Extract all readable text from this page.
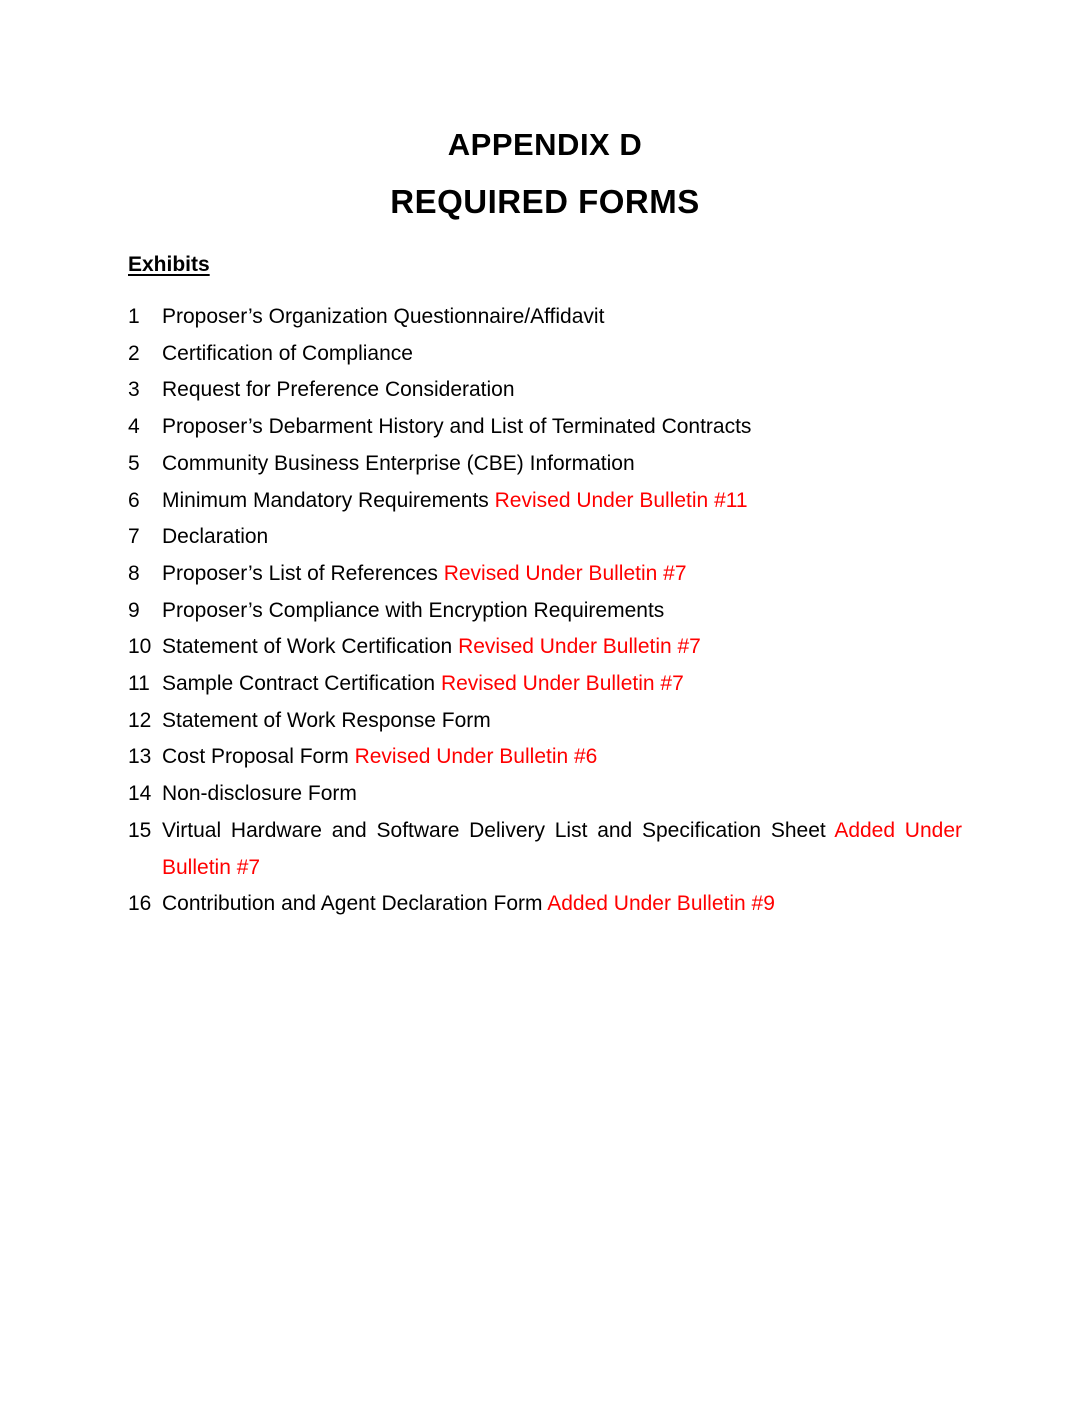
APPENDIX D
REQUIRED FORMS
Exhibits
1	Proposer’s Organization Questionnaire/Affidavit
2	Certification of Compliance
3	Request for Preference Consideration
4	Proposer’s Debarment History and List of Terminated Contracts
5	Community Business Enterprise (CBE) Information
6	Minimum Mandatory Requirements Revised Under Bulletin #11
7	Declaration
8	Proposer’s List of References Revised Under Bulletin #7
9	Proposer’s Compliance with Encryption Requirements
10 Statement of Work Certification Revised Under Bulletin #7
11 Sample Contract Certification Revised Under Bulletin #7
12 Statement of Work Response Form
13 Cost Proposal Form Revised Under Bulletin #6
14 Non-disclosure Form
15 Virtual Hardware and Software Delivery List and Specification Sheet Added Under
Bulletin #7
16 Contribution and Agent Declaration Form Added Under Bulletin #9
